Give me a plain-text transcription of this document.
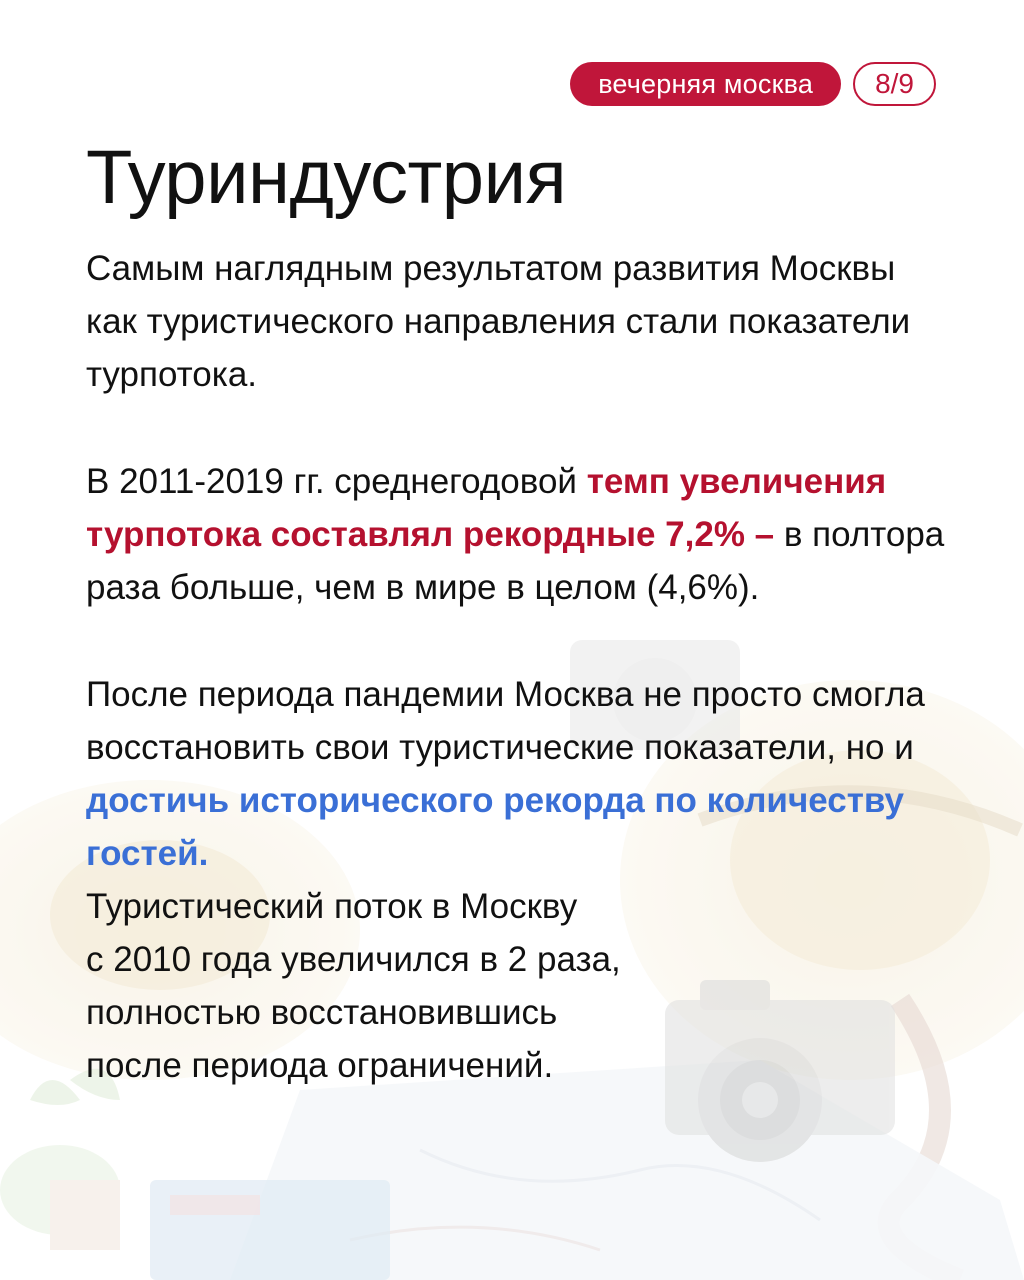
вечерняя москва	8/9
Туриндустрия

Самым наглядным результатом развития Москвы как туристического направления стали показатели турпотока.

В 2011-2019 гг. среднегодовой темп увеличения турпотока составлял рекордные 7,2% – в полтора раза больше, чем в мире в целом (4,6%).

После периода пандемии Москва не просто смогла восстановить свои туристические показатели, но и достичь исторического рекорда по количеству гостей.
Туристический поток в Москву
с 2010 года увеличился в 2 раза,
полностью восстановившись
после периода ограничений.
